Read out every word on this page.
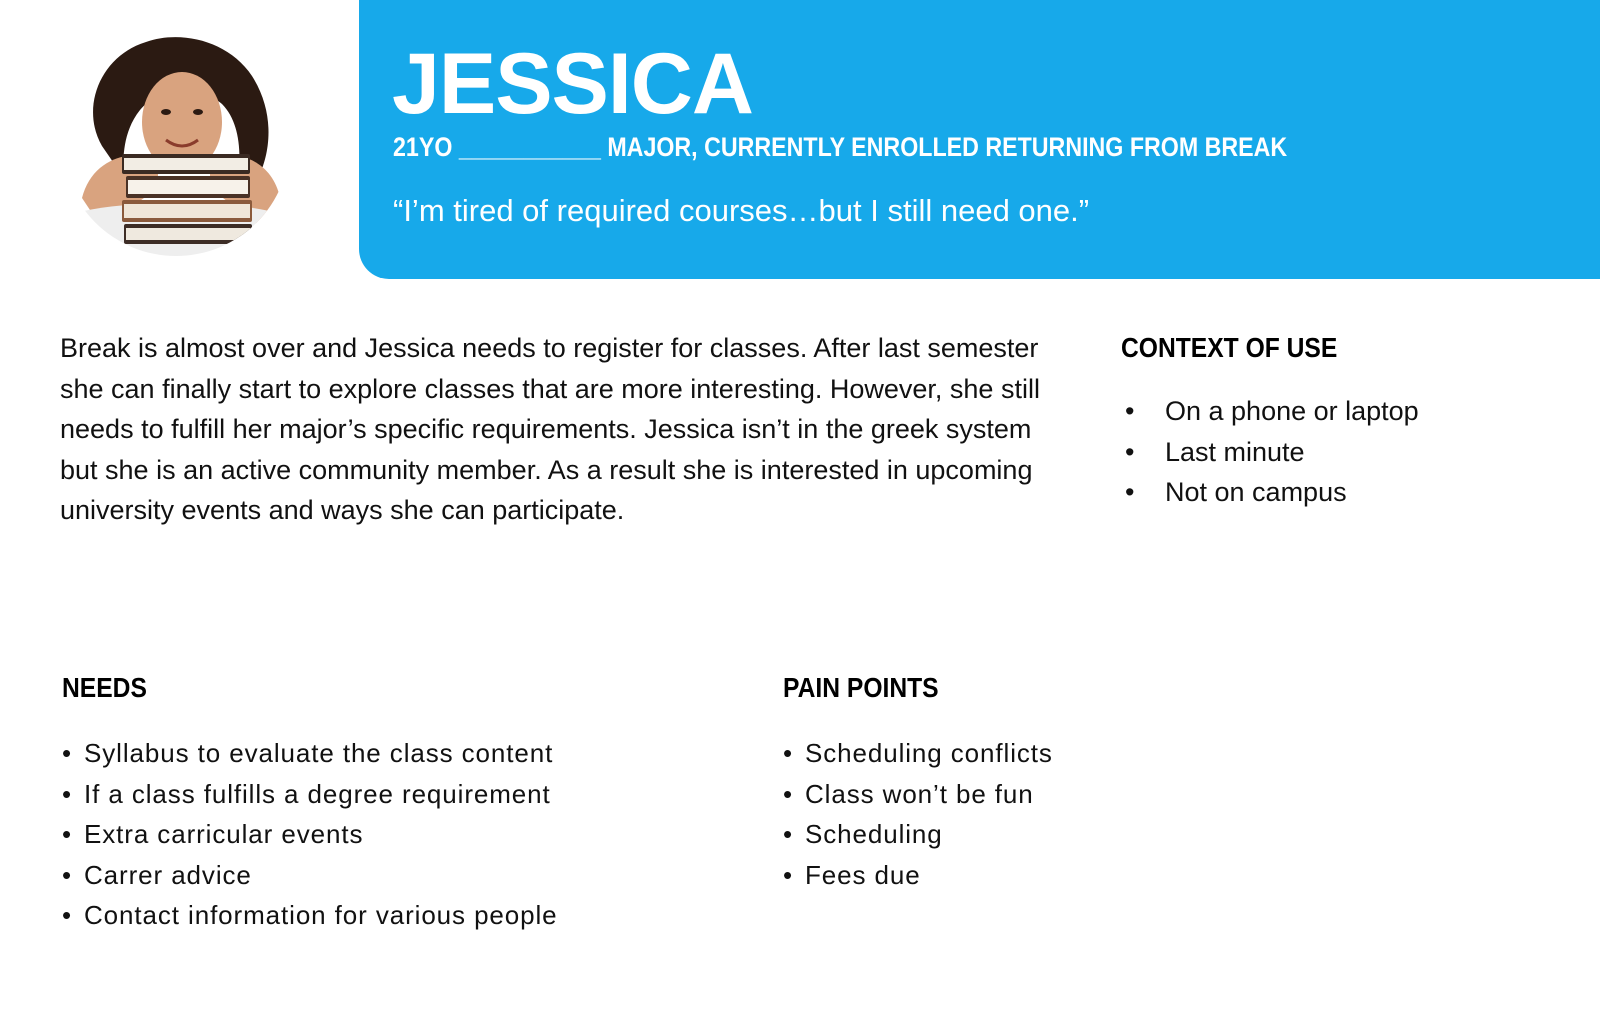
JESSICA

21YO ___________ MAJOR, CURRENTLY ENROLLED RETURNING FROM BREAK

“I’m tired of required courses…but I still need one.”

Break is almost over and Jessica needs to register for classes. After last semester she can finally start to explore classes that are more interesting. However, she still needs to fulfill her major’s specific requirements. Jessica isn’t in the greek system but she is an active community member. As a result she is interested in upcoming university events and ways she can participate.

CONTEXT OF USE
• On a phone or laptop
• Last minute
• Not on campus
NEEDS
• Syllabus to evaluate the class content
• If a class fulfills a degree requirement
• Extra carricular events
• Carrer advice
• Contact information for various people
PAIN POINTS
• Scheduling conflicts
• Class won’t be fun
• Scheduling
• Fees due
